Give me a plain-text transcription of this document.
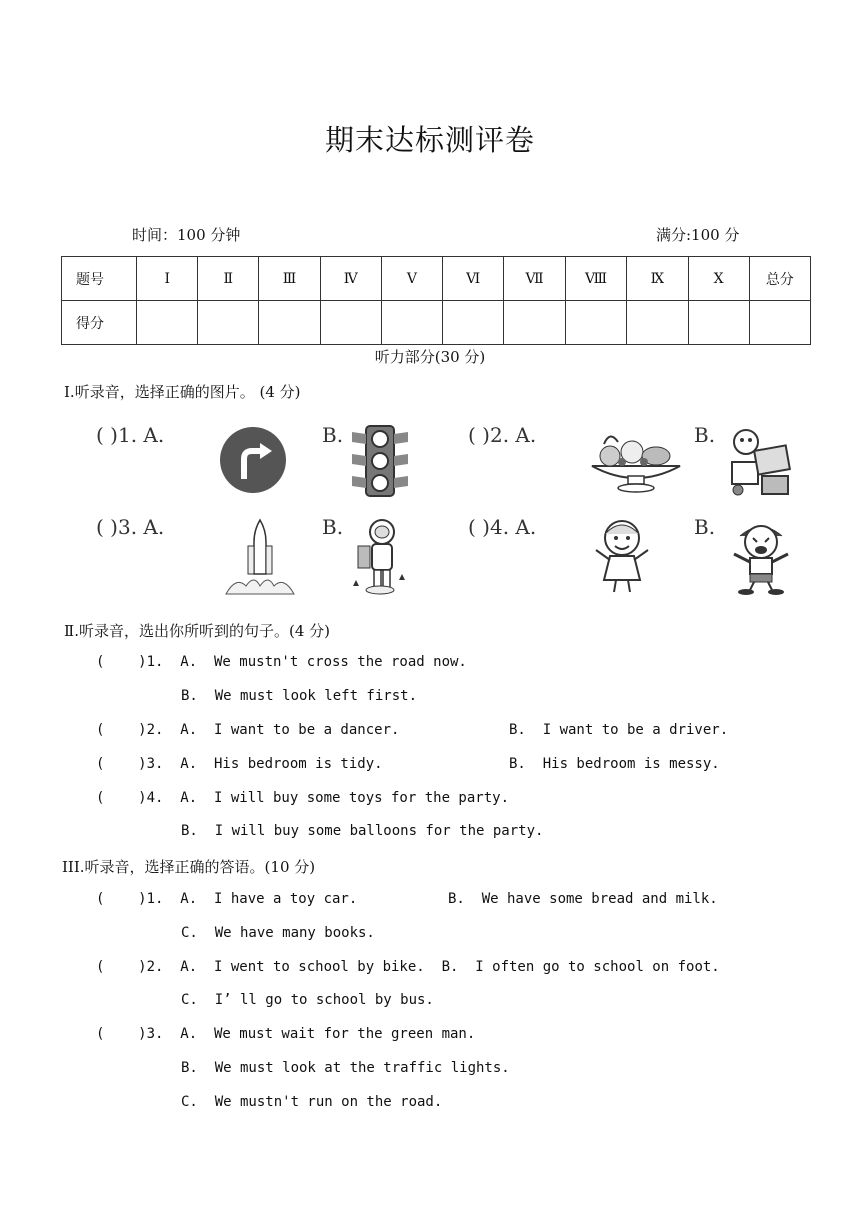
期末达标测评卷
时间：100 分钟	满分:100 分
题号	Ⅰ	Ⅱ	Ⅲ	Ⅳ	Ⅴ	Ⅵ	Ⅶ	Ⅷ	Ⅸ	Ⅹ	总分
得分											
听力部分(30 分)
Ⅰ.听录音，选择正确的图片。 (4 分)
( )1. A.	B.	( )2. A.	B.
( )3. A.	B.	( )4. A.	B.
Ⅱ.听录音，选出你所听到的句子。(4 分)
(    )1.  A.  We mustn't cross the road now.
B.  We must look left first.
(    )2.  A.  I want to be a dancer.	B.  I want to be a driver.
(    )3.  A.  His bedroom is tidy.	B.  His bedroom is messy.
(    )4.  A.  I will buy some toys for the party.
B.  I will buy some balloons for the party.
III.听录音，选择正确的答语。(10 分)
(    )1.  A.  I have a toy car.	B.  We have some bread and milk.
C.  We have many books.
(    )2.  A.  I went to school by bike.  B.  I often go to school on foot.
C.  I’ ll go to school by bus.
(    )3.  A.  We must wait for the green man.
B.  We must look at the traffic lights.
C.  We mustn't run on the road.
